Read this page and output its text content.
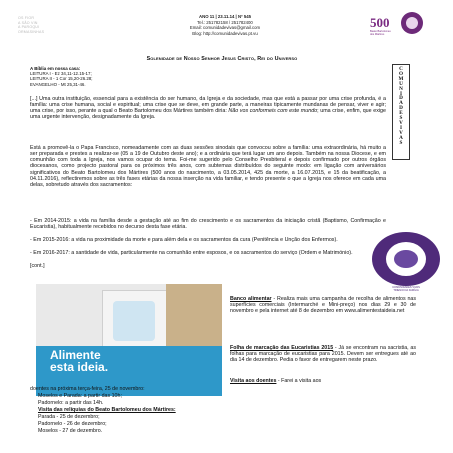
OS FIOR
A SÃO VIN
A PAROQUI
ORMASINHAS
ANO 11 | 23.11.14 | Nº 545
Tel.: 251782158 / 251782400
Email: comunidadevivas@gmail.com
Blog: http://comunidadevivas.pt.vu
500
Beato Bartolomeu
dos Mártires
Solenidade de Nosso Senhor Jesus Cristo, Rei do Universo
C
O
M
U
N
I
D
A
D
E
S
V
I
V
A
S
A Bíblia em nossa casa:
LEITURA I - Ez 34,11-12.15-17;
LEITURA II - 1 Cor 15,20-26.28;
EVANGELHO - Mt 25,31-46.
[...] Uma outra instituição, essencial para a existência do ser humano, da Igreja e da sociedade, mas que está a passar por uma crise profunda, é a família: uma crise humana, social e espiritual; uma crise que se deve, em grande parte, a maneiras tipicamente mundanas de pensar, viver e agir; uma crise, por isso, perante a qual o Beato Bartolomeu dos Mártires também diria: Não vos conformeis com este mundo; uma crise, enfim, que exige uma urgente intervenção, designadamente da Igreja.
Está a promovê-la o Papa Francisco, nomeadamente com as duas sessões sinodais que convocou sobre a família: uma extraordinária, há muito a ser preparada e prestes a realizar-se (05 a 19 de Outubro deste ano); e a ordinária que terá lugar um ano depois. Também na nossa Diocese, e em comunhão com toda a Igreja, nos vamos ocupar do tema. Foi-me sugerido pelo Conselho Presbiteral e depois confirmado por outros órgãos diocesanos, como projecto pastoral para os próximos três anos, com subtemas distribuídos do seguinte modo: em ligação com aniversários significativos do Beato Bartolomeu dos Mártires (500 anos do nascimento, a 03.05.2014, 425 da morte, a 16.07.2015, e 15 da beatificação, a 04.11.2016), reflectiremos sobre as três fases etárias da nossa inserção na vida familiar, e tendo presente o que a Igreja nos oferece em cada uma delas, sobretudo através dos sacramentos:
- Em 2014-2015: a vida na família desde a gestação até ao fim do crescimento e os sacramentos da iniciação cristã (Baptismo, Confirmação e Eucaristia), habitualmente recebidos no decurso desta fase etária.
- Em 2015-2016: a vida na proximidade da morte e para além dela e os sacramentos da cura (Penitência e Unção dos Enfermos).
- Em 2016-2017: a santidade de vida, particularmente na comunhão entre esposos, e os sacramentos do serviço (Ordem e Matrimónio).
[cont.]
COMUNIDADES VIVAS
TRIENIO DA FAMÍLIA
Alimente
esta ideia.
Banco alimentar - Realiza mais uma campanha de recolha de alimentos nas superfícies comerciais (Intermarché e Mini-preço) nos dias 29 e 30 de novembro e pela internet até 8 de dezembro em www.alimentestaideia.net
Folha de marcação das Eucaristias 2015 - Já se encontram na sacristia, as folhas para marcação de eucaristias para 2015. Devem ser entregues até ao dia 14 de dezembro. Pedia o favor de entregarem neste prazo.
Visita aos doentes - Farei a visita aos
doentes na próxima terça-feira, 25 de novembro:
Moselos e Parada: a partir das 10h;
Padornelo: a partir das 14h.
Visita das relíquias do Beato Bartolomeu dos Mártires:
Parada - 25 de dezembro;
Padornelo - 26 de dezembro;
Moselos - 27 de dezembro.
